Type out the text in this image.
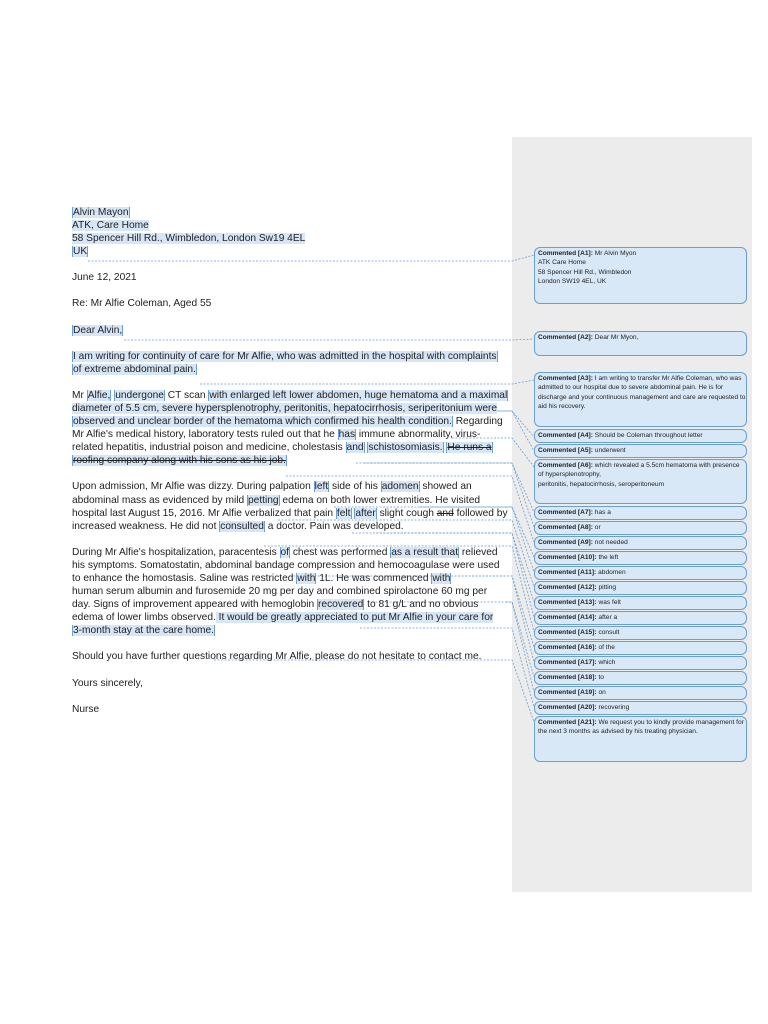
Alvin Mayon

ATK, Care Home

58 Spencer Hill Rd., Wimbledon, London Sw19 4EL

UK

June 12, 2021

Re: Mr Alfie Coleman, Aged 55

Dear Alvin,

I am writing for continuity of care for Mr Alfie, who was admitted in the hospital with complaints

of extreme abdominal pain.

Mr Alfie, undergone CT scan with enlarged left lower abdomen, huge hematoma and a maximal

diameter of 5.5 cm, severe hypersplenotrophy, peritonitis, hepatocirrhosis, seriperitonium were

observed and unclear border of the hematoma which confirmed his health condition. Regarding

Mr Alfie's medical history, laboratory tests ruled out that he has immune abnormality, virus-

related hepatitis, industrial poison and medicine, cholestasis and schistosomiasis. He runs a

roofing company along with his sons as his job.

Upon admission, Mr Alfie was dizzy. During palpation left side of his adomen showed an

abdominal mass as evidenced by mild petting edema on both lower extremities. He visited

hospital last August 15, 2016. Mr Alfie verbalized that pain felt after slight cough and followed by

increased weakness. He did not consulted a doctor. Pain was developed.

During Mr Alfie's hospitalization, paracentesis of chest was performed as a result that relieved

his symptoms. Somatostatin, abdominal bandage compression and hemocoagulase were used

to enhance the homostasis. Saline was restricted with 1L. He was commenced with

human serum albumin and furosemide 20 mg per day and combined spirolactone 60 mg per

day. Signs of improvement appeared with hemoglobin recovered to 81 g/L and no obvious

edema of lower limbs observed. It would be greatly appreciated to put Mr Alfie in your care for

3-month stay at the care home.

Should you have further questions regarding Mr Alfie, please do not hesitate to contact me.

Yours sincerely,

Nurse

Commented [A1]: Mr Alvin Myon
ATK Care Home
58 Spencer Hill Rd., Wimbledon
London SW19 4EL, UK
Commented [A2]: Dear Mr Myon,
Commented [A3]: I am writing to transfer Mr Alfie Coleman, who was admitted to our hospital due to severe abdominal pain. He is for discharge and your continuous management and care are requested to aid his recovery.
Commented [A4]: Should be Coleman throughout letter
Commented [A5]: underwent
Commented [A6]: which revealed a 5.5cm hematoma with presence of hypersplenotrophy,
peritonitis, hepatocirrhosis, seroperitoneum
Commented [A7]: has a
Commented [A8]: or
Commented [A9]: not needed
Commented [A10]: the left
Commented [A11]: abdomen
Commented [A12]: pitting
Commented [A13]: was felt
Commented [A14]: after a
Commented [A15]: consult
Commented [A16]: of the
Commented [A17]: which
Commented [A18]: to
Commented [A19]: on
Commented [A20]: recovering
Commented [A21]: We request you to kindly provide management for the next 3 months as advised by his treating physician.
